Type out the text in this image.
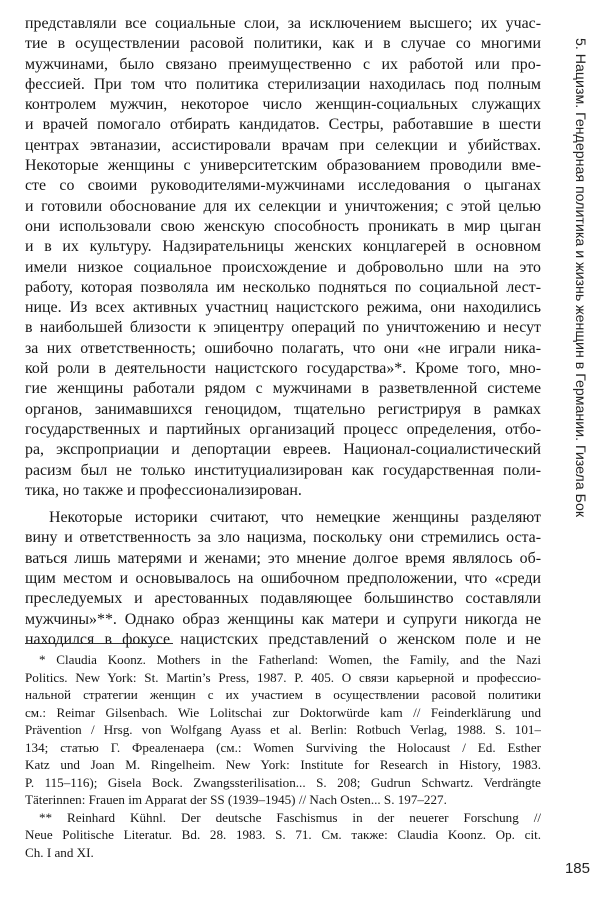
представляли все социальные слои, за исключением высшего; их учас-
тие в осуществлении расовой политики, как и в случае со многими
мужчинами, было связано преимущественно с их работой или про-
фессией. При том что политика стерилизации находилась под полным
контролем мужчин, некоторое число женщин-социальных служащих
и врачей помогало отбирать кандидатов. Сестры, работавшие в шести
центрах эвтаназии, ассистировали врачам при селекции и убийствах.
Некоторые женщины с университетским образованием проводили вме-
сте со своими руководителями-мужчинами исследования о цыганах
и готовили обоснование для их селекции и уничтожения; с этой целью
они использовали свою женскую способность проникать в мир цыган
и в их культуру. Надзирательницы женских концлагерей в основном
имели низкое социальное происхождение и добровольно шли на это
работу, которая позволяла им несколько подняться по социальной лест-
нице. Из всех активных участниц нацистского режима, они находились
в наибольшей близости к эпицентру операций по уничтожению и несут
за них ответственность; ошибочно полагать, что они «не играли ника-
кой роли в деятельности нацистского государства»*. Кроме того, мно-
гие женщины работали рядом с мужчинами в разветвленной системе
органов, занимавшихся геноцидом, тщательно регистрируя в рамках
государственных и партийных организаций процесс определения, отбо-
ра, экспроприации и депортации евреев. Национал-социалистический
расизм был не только институциализирован как государственная поли-
тика, но также и профессионализирован.
Некоторые историки считают, что немецкие женщины разделяют
вину и ответственность за зло нацизма, поскольку они стремились оста-
ваться лишь матерями и женами; это мнение долгое время являлось об-
щим местом и основывалось на ошибочном предположении, что «среди
преследуемых и арестованных подавляющее большинство составляли
мужчины»**. Однако образ женщины как матери и супруги никогда не
находился в фокусе нацистских представлений о женском поле и не
* Claudia Koonz. Mothers in the Fatherland: Women, the Family, and the Nazi
Politics. New York: St. Martin’s Press, 1987. P. 405. О связи карьерной и профессио-
нальной стратегии женщин с их участием в осуществлении расовой политики
см.: Reimar Gilsenbach. Wie Lolitschai zur Doktorwürde kam // Feinderklärung und
Prävention / Hrsg. von Wolfgang Ayass et al. Berlin: Rotbuch Verlag, 1988. S. 101–
134; статью Г. Фреаленаера (см.: Women Surviving the Holocaust / Ed. Esther
Katz und Joan M. Ringelheim. New York: Institute for Research in History, 1983.
P. 115–116); Gisela Bock. Zwangssterilisation... S. 208; Gudrun Schwartz. Verdrängte
Täterinnen: Frauen im Apparat der SS (1939–1945) // Nach Osten... S. 197–227.
** Reinhard Kühnl. Der deutsche Faschismus in der neuerer Forschung //
Neue Politische Literatur. Bd. 28. 1983. S. 71. См. также: Claudia Koonz. Op. cit.
Ch. I and XI.
5. Нацизм. Гендерная политика и жизнь женщин в Германии. Гизела Бок
185
